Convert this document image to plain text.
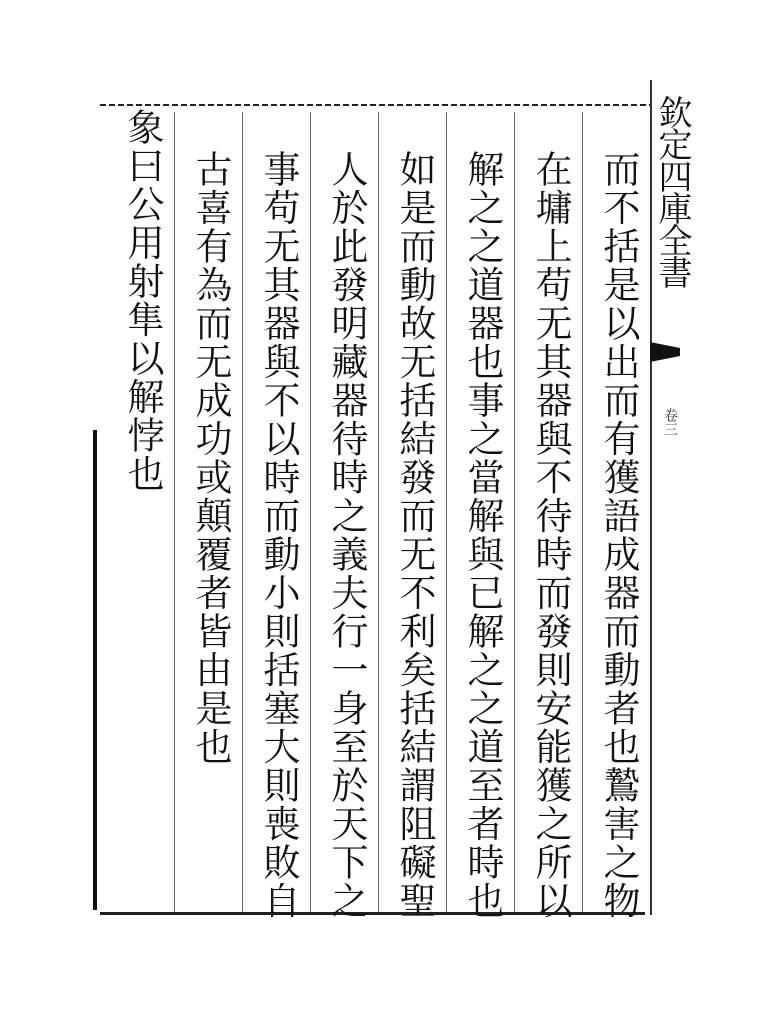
欽定四庫全書
卷三
而不括是以出而有獲語成器而動者也鷙害之物
在墉上苟无其器與不待時而發則安能獲之所以
解之之道器也事之當解與已解之之道至者時也
如是而動故无括結發而无不利矣括結謂阻礙聖
人於此發明藏器待時之義夫行一身至於天下之
事苟无其器與不以時而動小則括塞大則喪敗自
古喜有為而无成功或顛覆者皆由是也
象曰公用射隼以解悖也
